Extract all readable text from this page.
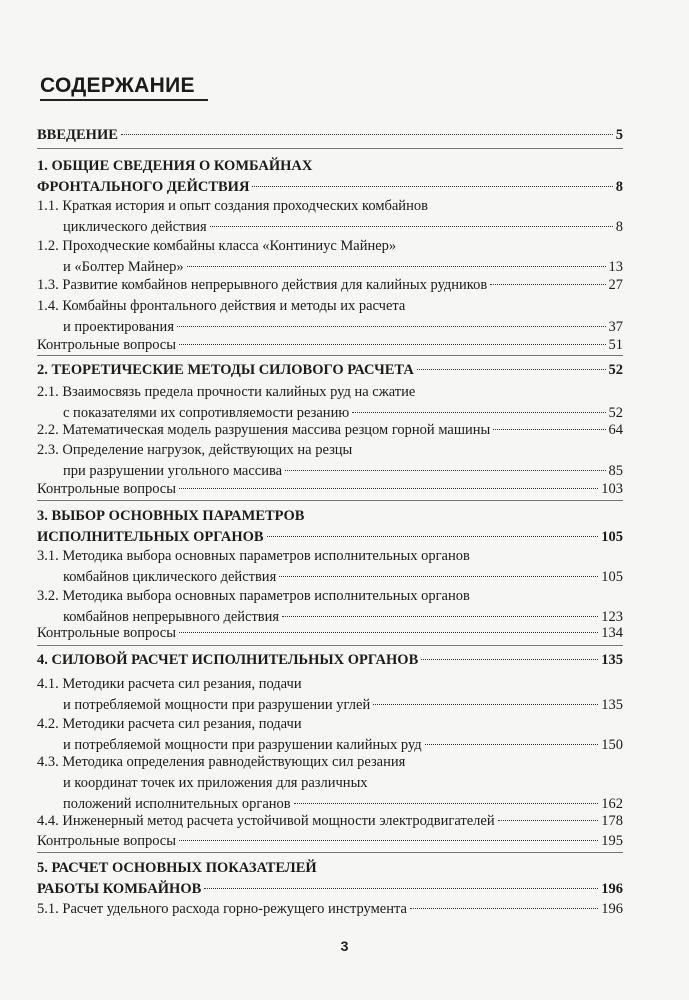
СОДЕРЖАНИЕ
ВВЕДЕНИЕ	5
1. ОБЩИЕ СВЕДЕНИЯ О КОМБАЙНАХ
ФРОНТАЛЬНОГО ДЕЙСТВИЯ	8
1.1. Краткая история и опыт создания проходческих комбайнов
циклического действия	8
1.2. Проходческие комбайны класса «Континиус Майнер»
и «Болтер Майнер»	13
1.3. Развитие комбайнов непрерывного действия для калийных рудников	27
1.4. Комбайны фронтального действия и методы их расчета
и проектирования	37
Контрольные вопросы	51
2. ТЕОРЕТИЧЕСКИЕ МЕТОДЫ СИЛОВОГО РАСЧЕТА	52
2.1. Взаимосвязь предела прочности калийных руд на сжатие
с показателями их сопротивляемости резанию	52
2.2. Математическая модель разрушения массива резцом горной машины	64
2.3. Определение нагрузок, действующих на резцы
при разрушении угольного массива	85
Контрольные вопросы	103
3. ВЫБОР ОСНОВНЫХ ПАРАМЕТРОВ
ИСПОЛНИТЕЛЬНЫХ ОРГАНОВ	105
3.1. Методика выбора основных параметров исполнительных органов
комбайнов циклического действия	105
3.2. Методика выбора основных параметров исполнительных органов
комбайнов непрерывного действия	123
Контрольные вопросы	134
4. СИЛОВОЙ РАСЧЕТ ИСПОЛНИТЕЛЬНЫХ ОРГАНОВ	135
4.1. Методики расчета сил резания, подачи
и потребляемой мощности при разрушении углей	135
4.2. Методики расчета сил резания, подачи
и потребляемой мощности при разрушении калийных руд	150
4.3. Методика определения равнодействующих сил резания
и координат точек их приложения для различных
положений исполнительных органов	162
4.4. Инженерный метод расчета устойчивой мощности электродвигателей	178
Контрольные вопросы	195
5. РАСЧЕТ ОСНОВНЫХ ПОКАЗАТЕЛЕЙ
РАБОТЫ КОМБАЙНОВ	196
5.1. Расчет удельного расхода горно-режущего инструмента	196
3
